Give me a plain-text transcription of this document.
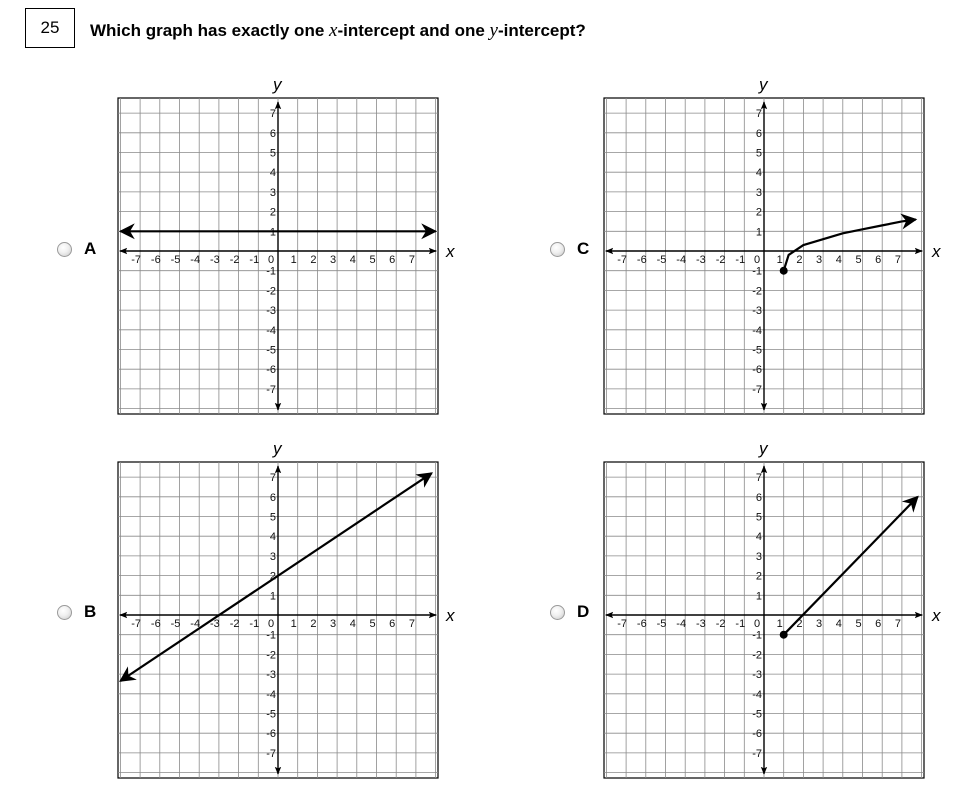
25	Which graph has exactly one x-intercept and one y-intercept?
A
B
C
D
x
y
-7 -6 -5 -4 -3 -2 -1 0 1 2 3 4 5 6 7
7
6
5
4
3
2
1
-1
-2
-3
-4
-5
-6
-7
x
y
-7 -6 -5 -4 -3 -2 -1 0 1 2 3 4 5 6 7
7
6
5
4
3
2
1
-1
-2
-3
-4
-5
-6
-7
x
y
-7 -6 -5 -4 -3 -2 -1 0 1 2 3 4 5 6 7
7
6
5
4
3
2
1
-1
-2
-3
-4
-5
-6
-7
x
y
-7 -6 -5 -4 -3 -2 -1 0 1 2 3 4 5 6 7
7
6
5
4
3
2
1
-1
-2
-3
-4
-5
-6
-7
